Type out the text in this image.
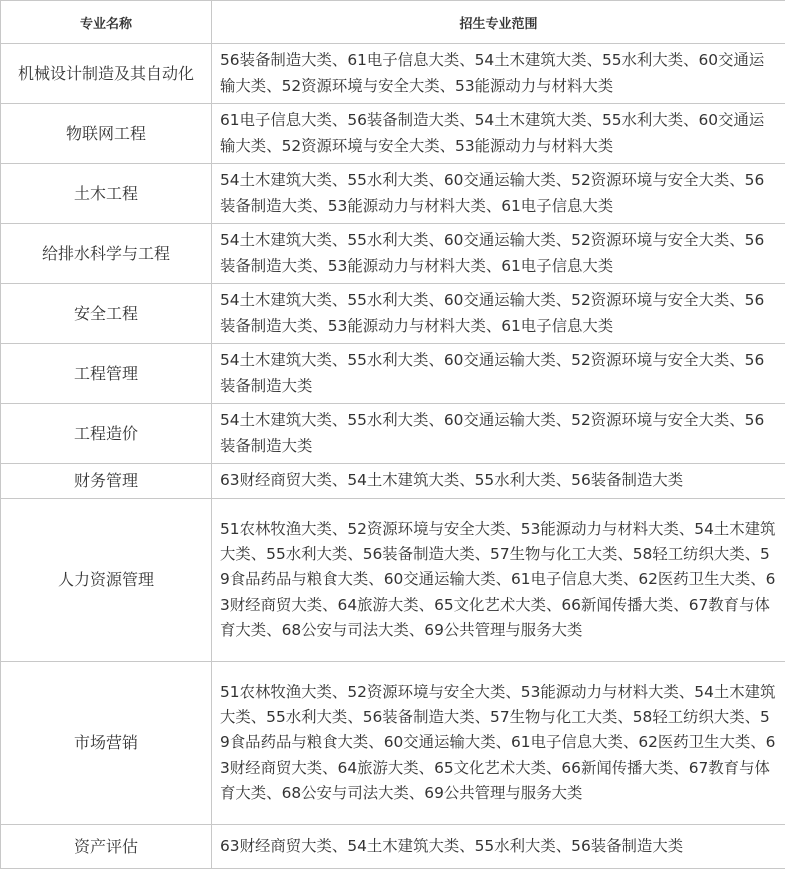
专业名称	招生专业范围
机械设计制造及其自动化	56装备制造大类、61电子信息大类、54土木建筑大类、55水利大类、60交通运输大类、52资源环境与安全大类、53能源动力与材料大类
物联网工程	61电子信息大类、56装备制造大类、54土木建筑大类、55水利大类、60交通运输大类、52资源环境与安全大类、53能源动力与材料大类
土木工程	54土木建筑大类、55水利大类、60交通运输大类、52资源环境与安全大类、56装备制造大类、53能源动力与材料大类、61电子信息大类
给排水科学与工程	54土木建筑大类、55水利大类、60交通运输大类、52资源环境与安全大类、56装备制造大类、53能源动力与材料大类、61电子信息大类
安全工程	54土木建筑大类、55水利大类、60交通运输大类、52资源环境与安全大类、56装备制造大类、53能源动力与材料大类、61电子信息大类
工程管理	54土木建筑大类、55水利大类、60交通运输大类、52资源环境与安全大类、56装备制造大类
工程造价	54土木建筑大类、55水利大类、60交通运输大类、52资源环境与安全大类、56装备制造大类
财务管理	63财经商贸大类、54土木建筑大类、55水利大类、56装备制造大类
人力资源管理	51农林牧渔大类、52资源环境与安全大类、53能源动力与材料大类、54土木建筑大类、55水利大类、56装备制造大类、57生物与化工大类、58轻工纺织大类、59食品药品与粮食大类、60交通运输大类、61电子信息大类、62医药卫生大类、63财经商贸大类、64旅游大类、65文化艺术大类、66新闻传播大类、67教育与体育大类、68公安与司法大类、69公共管理与服务大类
市场营销	51农林牧渔大类、52资源环境与安全大类、53能源动力与材料大类、54土木建筑大类、55水利大类、56装备制造大类、57生物与化工大类、58轻工纺织大类、59食品药品与粮食大类、60交通运输大类、61电子信息大类、62医药卫生大类、63财经商贸大类、64旅游大类、65文化艺术大类、66新闻传播大类、67教育与体育大类、68公安与司法大类、69公共管理与服务大类
资产评估	63财经商贸大类、54土木建筑大类、55水利大类、56装备制造大类
